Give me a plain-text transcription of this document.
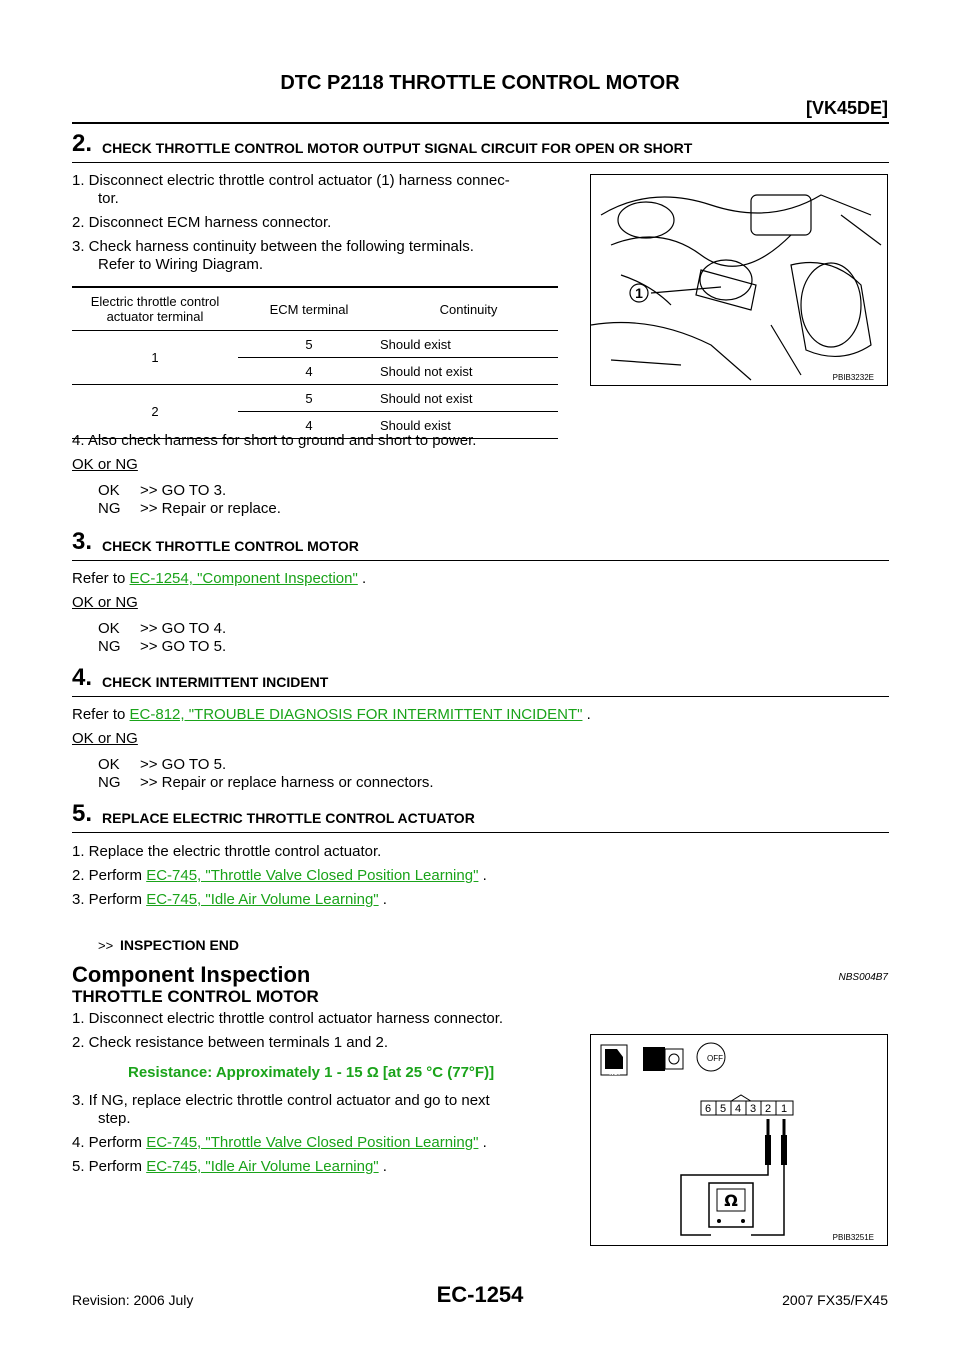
DTC P2118 THROTTLE CONTROL MOTOR
[VK45DE]
2. CHECK THROTTLE CONTROL MOTOR OUTPUT SIGNAL CIRCUIT FOR OPEN OR SHORT
1. Disconnect electric throttle control actuator (1) harness connec-
tor.
2. Disconnect ECM harness connector.
3. Check harness continuity between the following terminals.
Refer to Wiring Diagram.
Electric throttle control
actuator terminal	ECM terminal	Continuity
1	5	Should exist
	4	Should not exist
2	5	Should not exist
	4	Should exist
1
PBIB3232E
4. Also check harness for short to ground and short to power.
OK or NG
OK >> GO TO 3.
NG >> Repair or replace.
3. CHECK THROTTLE CONTROL MOTOR
Refer to EC-1254, "Component Inspection" .
OK or NG
OK >> GO TO 4.
NG >> GO TO 5.
4. CHECK INTERMITTENT INCIDENT
Refer to EC-812, "TROUBLE DIAGNOSIS FOR INTERMITTENT INCIDENT" .
OK or NG
OK >> GO TO 5.
NG >> Repair or replace harness or connectors.
5. REPLACE ELECTRIC THROTTLE CONTROL ACTUATOR
1. Replace the electric throttle control actuator.
2. Perform EC-745, "Throttle Valve Closed Position Learning" .
3. Perform EC-745, "Idle Air Volume Learning" .
>> INSPECTION END
Component Inspection	NBS004B7
THROTTLE CONTROL MOTOR
1. Disconnect electric throttle control actuator harness connector.
2. Check resistance between terminals 1 and 2.
Resistance: Approximately 1 - 15 Ω [at 25 °C (77°F)]
3. If NG, replace electric throttle control actuator and go to next
step.
4. Perform EC-745, "Throttle Valve Closed Position Learning" .
5. Perform EC-745, "Idle Air Volume Learning" .
T.S.
OFF
6 5 4 3 2 1
Ω
PBIB3251E
EC-1254
Revision: 2006 July	2007 FX35/FX45
